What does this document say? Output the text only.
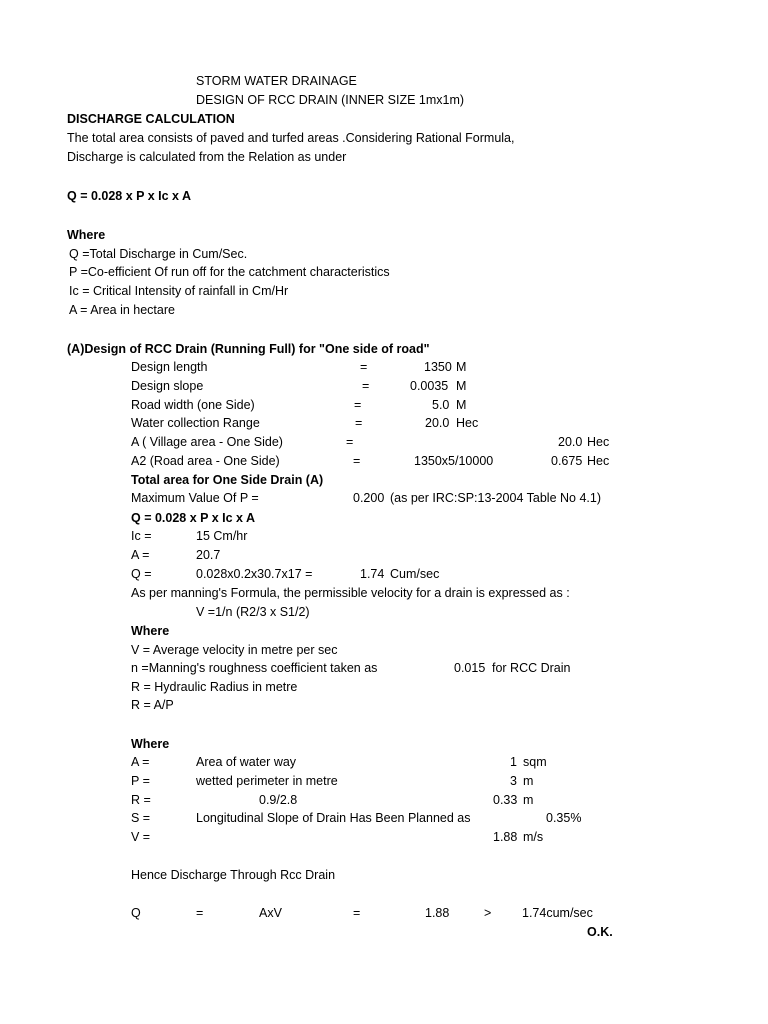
STORM WATER DRAINAGE
DESIGN OF RCC DRAIN (INNER SIZE 1mx1m)
DISCHARGE CALCULATION
The total area consists of paved and turfed areas .Considering Rational Formula,
Discharge is calculated from the Relation as under
Q = 0.028 x P x Ic x A
Where
Q =Total Discharge in Cum/Sec.
P =Co-efficient Of run off for the catchment characteristics
Ic = Critical Intensity of rainfall in Cm/Hr
A = Area in hectare
(A)Design of RCC Drain (Running Full) for "One side of road"
Design length	=	1350 M
Design slope	=	0.0035 M
Road width (one Side)	=	5.0 M
Water collection Range	=	20.0 Hec
A ( Village area - One Side)	=	20.0 Hec
A2 (Road area - One Side)	=	1350x5/10000	0.675 Hec
Total area for One Side Drain (A)
Maximum Value Of P =	0.200 (as per IRC:SP:13-2004 Table No 4.1)
Q = 0.028 x P x Ic x A
Ic =	15 Cm/hr
A =	20.7
Q =	0.028x0.2x30.7x17 =	1.74 Cum/sec
As per manning's Formula, the permissible velocity for a drain is expressed as :
V =1/n (R2/3 x S1/2)
Where
V = Average velocity in metre per sec
n =Manning's roughness coefficient taken as	0.015 for RCC Drain
R = Hydraulic Radius in metre
R = A/P
Where
A =	Area of water way	1 sqm
P =	wetted perimeter in metre	3 m
R =	0.9/2.8	0.33 m
S =	Longitudinal Slope of Drain Has Been Planned as	0.35%
V =	1.88 m/s
Hence Discharge Through Rcc Drain
Q	=	AxV	=	1.88	> 1.74cum/sec
O.K.
